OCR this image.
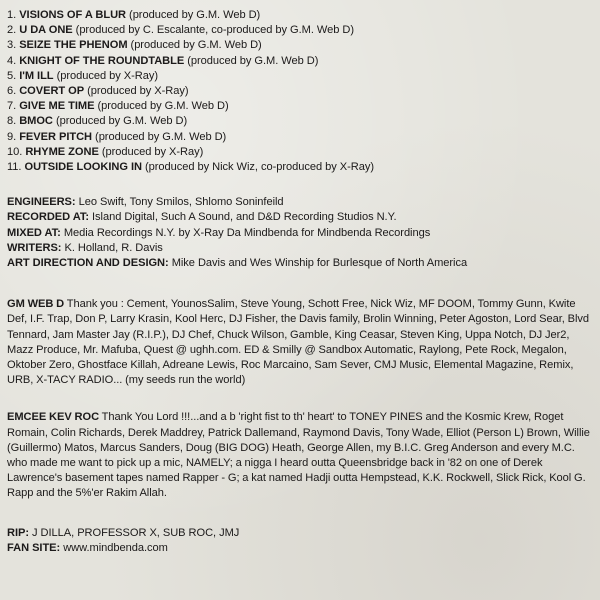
1. VISIONS OF A BLUR (produced by G.M. Web D)
2. U DA ONE (produced by C. Escalante, co-produced by G.M. Web D)
3. SEIZE THE PHENOM (produced by G.M. Web D)
4. KNIGHT OF THE ROUNDTABLE (produced by G.M. Web D)
5. I'M ILL (produced by X-Ray)
6. COVERT OP (produced by X-Ray)
7. GIVE ME TIME (produced by G.M. Web D)
8. BMOC (produced by G.M. Web D)
9. FEVER PITCH (produced by G.M. Web D)
10. RHYME ZONE (produced by X-Ray)
11. OUTSIDE LOOKING IN (produced by Nick Wiz, co-produced by X-Ray)
ENGINEERS: Leo Swift, Tony Smilos, Shlomo Soninfeild
RECORDED AT: Island Digital, Such A Sound, and D&D Recording Studios N.Y.
MIXED AT: Media Recordings N.Y. by X-Ray Da Mindbenda for Mindbenda Recordings
WRITERS: K. Holland, R. Davis
ART DIRECTION AND DESIGN: Mike Davis and Wes Winship for Burlesque of North America

GM WEB D Thank you : Cement, YounosSalim, Steve Young, Schott Free, Nick Wiz, MF DOOM, Tommy Gunn, Kwite Def, I.F. Trap, Don P, Larry Krasin, Kool Herc, DJ Fisher, the Davis family, Brolin Winning, Peter Agoston, Lord Sear, Blvd Tennard, Jam Master Jay (R.I.P.), DJ Chef, Chuck Wilson, Gamble, King Ceasar, Steven King, Uppa Notch, DJ Jer2, Mazz Produce, Mr. Mafuba, Quest @ ughh.com. ED & Smilly @ Sandbox Automatic, Raylong, Pete Rock, Megalon, Oktober Zero, Ghostface Killah, Adreane Lewis, Roc Marcaino, Sam Sever, CMJ Music, Elemental Magazine, Remix, URB, X-TACY RADIO... (my seeds run the world)

EMCEE KEV ROC Thank You Lord !!!...and a b 'right fist to th' heart' to TONEY PINES and the Kosmic Krew, Roget Romain, Colin Richards, Derek Maddrey, Patrick Dallemand, Raymond Davis, Tony Wade, Elliot (Person L) Brown, Willie (Guillermo) Matos, Marcus Sanders, Doug (BIG DOG) Heath, George Allen, my B.I.C. Greg Anderson and every M.C. who made me want to pick up a mic, NAMELY; a nigga I heard outta Queensbridge back in '82 on one of Derek Lawrence's basement tapes named Rapper - G; a kat named Hadji outta Hempstead, K.K. Rockwell, Slick Rick, Kool G. Rapp and the 5%'er Rakim Allah.

RIP: J DILLA, PROFESSOR X, SUB ROC, JMJ
FAN SITE: www.mindbenda.com
